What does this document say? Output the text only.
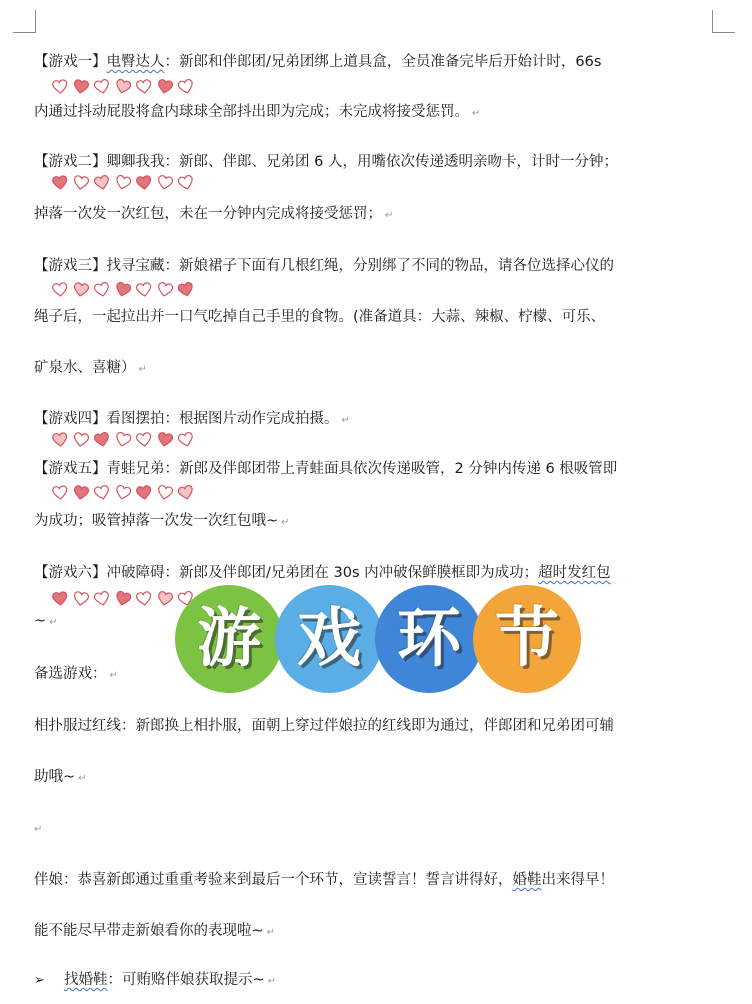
【游戏一】电臀达人：新郎和伴郎团/兄弟团绑上道具盒，全员准备完毕后开始计时，66s
内通过抖动屁股将盒内球球全部抖出即为完成；未完成将接受惩罚。 ↵
【游戏二】卿卿我我：新郎、伴郎、兄弟团 6 人，用嘴依次传递透明亲吻卡，计时一分钟；
掉落一次发一次红包，未在一分钟内完成将接受惩罚； ↵
【游戏三】找寻宝藏：新娘裙子下面有几根红绳，分别绑了不同的物品，请各位选择心仪的
绳子后，一起拉出并一口气吃掉自己手里的食物。(准备道具：大蒜、辣椒、柠檬、可乐、
矿泉水、喜糖） ↵
【游戏四】看图摆拍：根据图片动作完成拍摄。 ↵
【游戏五】青蛙兄弟：新郎及伴郎团带上青蛙面具依次传递吸管，2 分钟内传递 6 根吸管即
为成功；吸管掉落一次发一次红包哦~ ↵
【游戏六】冲破障碍：新郎及伴郎团/兄弟团在 30s 内冲破保鲜膜框即为成功；超时发红包
~ ↵	游 戏 环 节
备选游戏： ↵
相扑服过红线：新郎换上相扑服，面朝上穿过伴娘拉的红线即为通过，伴郎团和兄弟团可辅
助哦~ ↵
↵
伴娘：恭喜新郎通过重重考验来到最后一个环节，宣读誓言！誓言讲得好，婚鞋出来得早！
能不能尽早带走新娘看你的表现啦~ ↵
➢ 找婚鞋：可贿赂伴娘获取提示~ ↵
